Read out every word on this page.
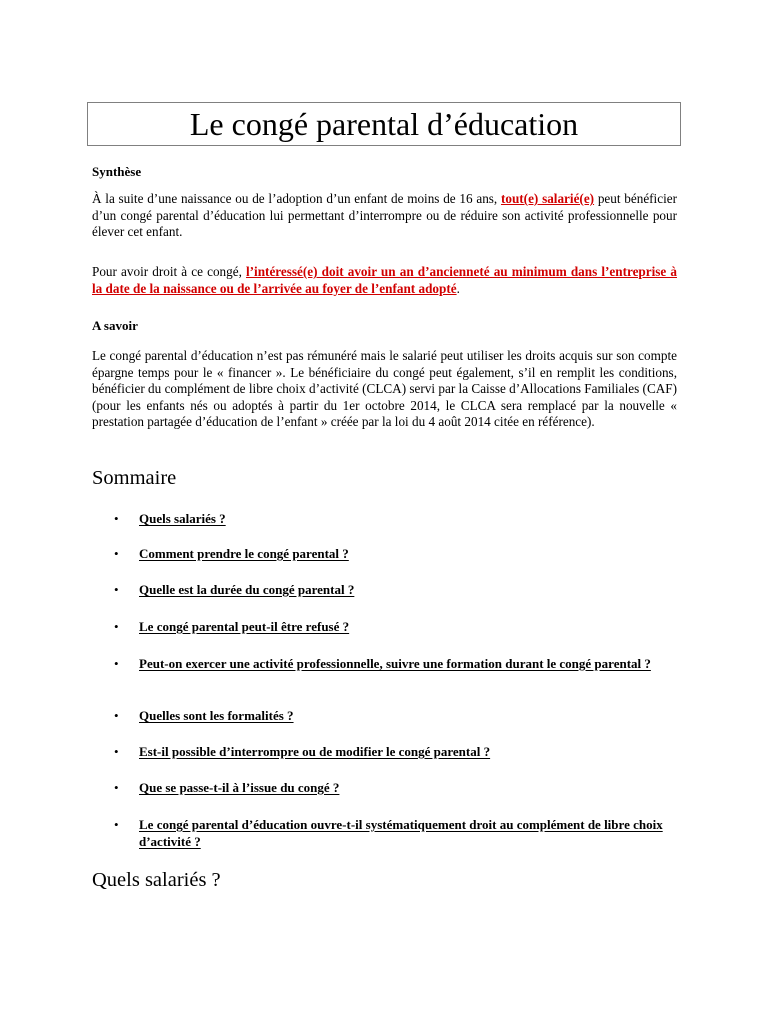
Le congé parental d’éducation
Synthèse
À la suite d’une naissance ou de l’adoption d’un enfant de moins de 16 ans, tout(e) salarié(e) peut bénéficier d’un congé parental d’éducation lui permettant d’interrompre ou de réduire son activité professionnelle pour élever cet enfant.
Pour avoir droit à ce congé, l’intéressé(e) doit avoir un an d’ancienneté au minimum dans l’entreprise à la date de la naissance ou de l’arrivée au foyer de l’enfant adopté.
A savoir
Le congé parental d’éducation n’est pas rémunéré mais le salarié peut utiliser les droits acquis sur son compte épargne temps pour le « financer ». Le bénéficiaire du congé peut également, s’il en remplit les conditions, bénéficier du complément de libre choix d’activité (CLCA) servi par la Caisse d’Allocations Familiales (CAF) (pour les enfants nés ou adoptés à partir du 1er octobre 2014, le CLCA sera remplacé par la nouvelle « prestation partagée d’éducation de l’enfant » créée par la loi du 4 août 2014 citée en référence).
Sommaire
• Quels salariés ?
• Comment prendre le congé parental ?
• Quelle est la durée du congé parental ?
• Le congé parental peut-il être refusé ?
• Peut-on exercer une activité professionnelle, suivre une formation durant le congé parental ?
• Quelles sont les formalités ?
• Est-il possible d’interrompre ou de modifier le congé parental ?
• Que se passe-t-il à l’issue du congé ?
• Le congé parental d’éducation ouvre-t-il systématiquement droit au complément de libre choix d’activité ?
Quels salariés ?
